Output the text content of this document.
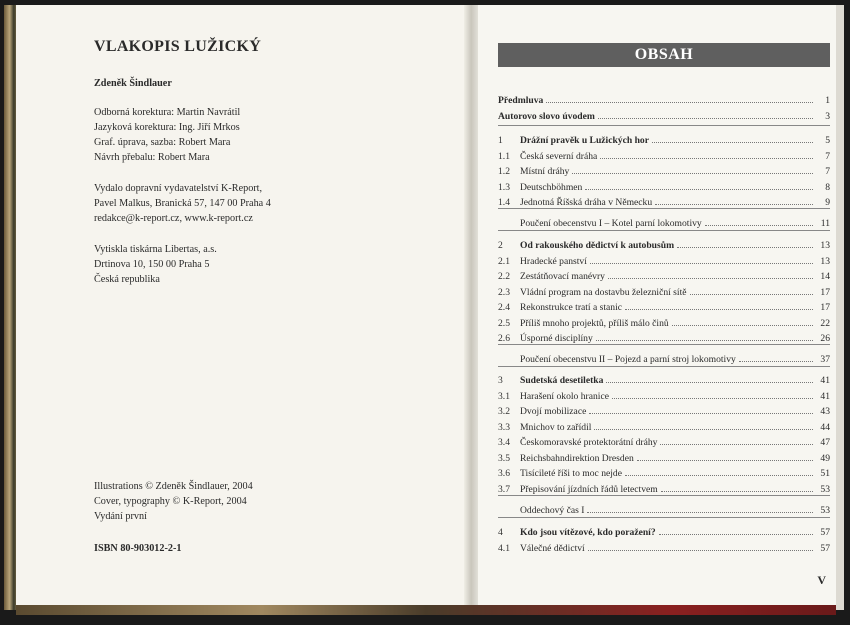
VLAKOPIS LUŽICKÝ
Zdeněk Šindlauer
Odborná korektura: Martin Navrátil
Jazyková korektura: Ing. Jiří Mrkos
Graf. úprava, sazba: Robert Mara
Návrh přebalu: Robert Mara
Vydalo dopravní vydavatelství K-Report,
Pavel Malkus, Branická 57, 147 00 Praha 4
redakce@k-report.cz, www.k-report.cz
Vytiskla tiskárna Libertas, a.s.
Drtinova 10, 150 00 Praha 5
Česká republika
Illustrations © Zdeněk Šindlauer, 2004
Cover, typography © K-Report, 2004
Vydání první
ISBN 80-903012-2-1
OBSAH
Předmluva	1
Autorovo slovo úvodem	3
1	Drážní pravěk u Lužických hor	5
1.1	Česká severní dráha	7
1.2	Místní dráhy	7
1.3	Deutschböhmen	8
1.4	Jednotná Říšská dráha v Německu	9
Poučení obecenstvu I – Kotel parní lokomotivy	11
2	Od rakouského dědictví k autobusům	13
2.1	Hradecké panství	13
2.2	Zestátňovací manévry	14
2.3	Vládní program na dostavbu železniční sítě	17
2.4	Rekonstrukce tratí a stanic	17
2.5	Příliš mnoho projektů, příliš málo činů	22
2.6	Úsporné disciplíny	26
Poučení obecenstvu II – Pojezd a parní stroj lokomotivy	37
3	Sudetská desetiletka	41
3.1	Harašení okolo hranice	41
3.2	Dvojí mobilizace	43
3.3	Mnichov to zařídil	44
3.4	Českomoravské protektorátní dráhy	47
3.5	Reichsbahndirektion Dresden	49
3.6	Tisícileté říši to moc nejde	51
3.7	Přepisování jízdních řádů letectvem	53
Oddechový čas I	53
4	Kdo jsou vítězové, kdo poražení?	57
4.1	Válečné dědictví	57
V
